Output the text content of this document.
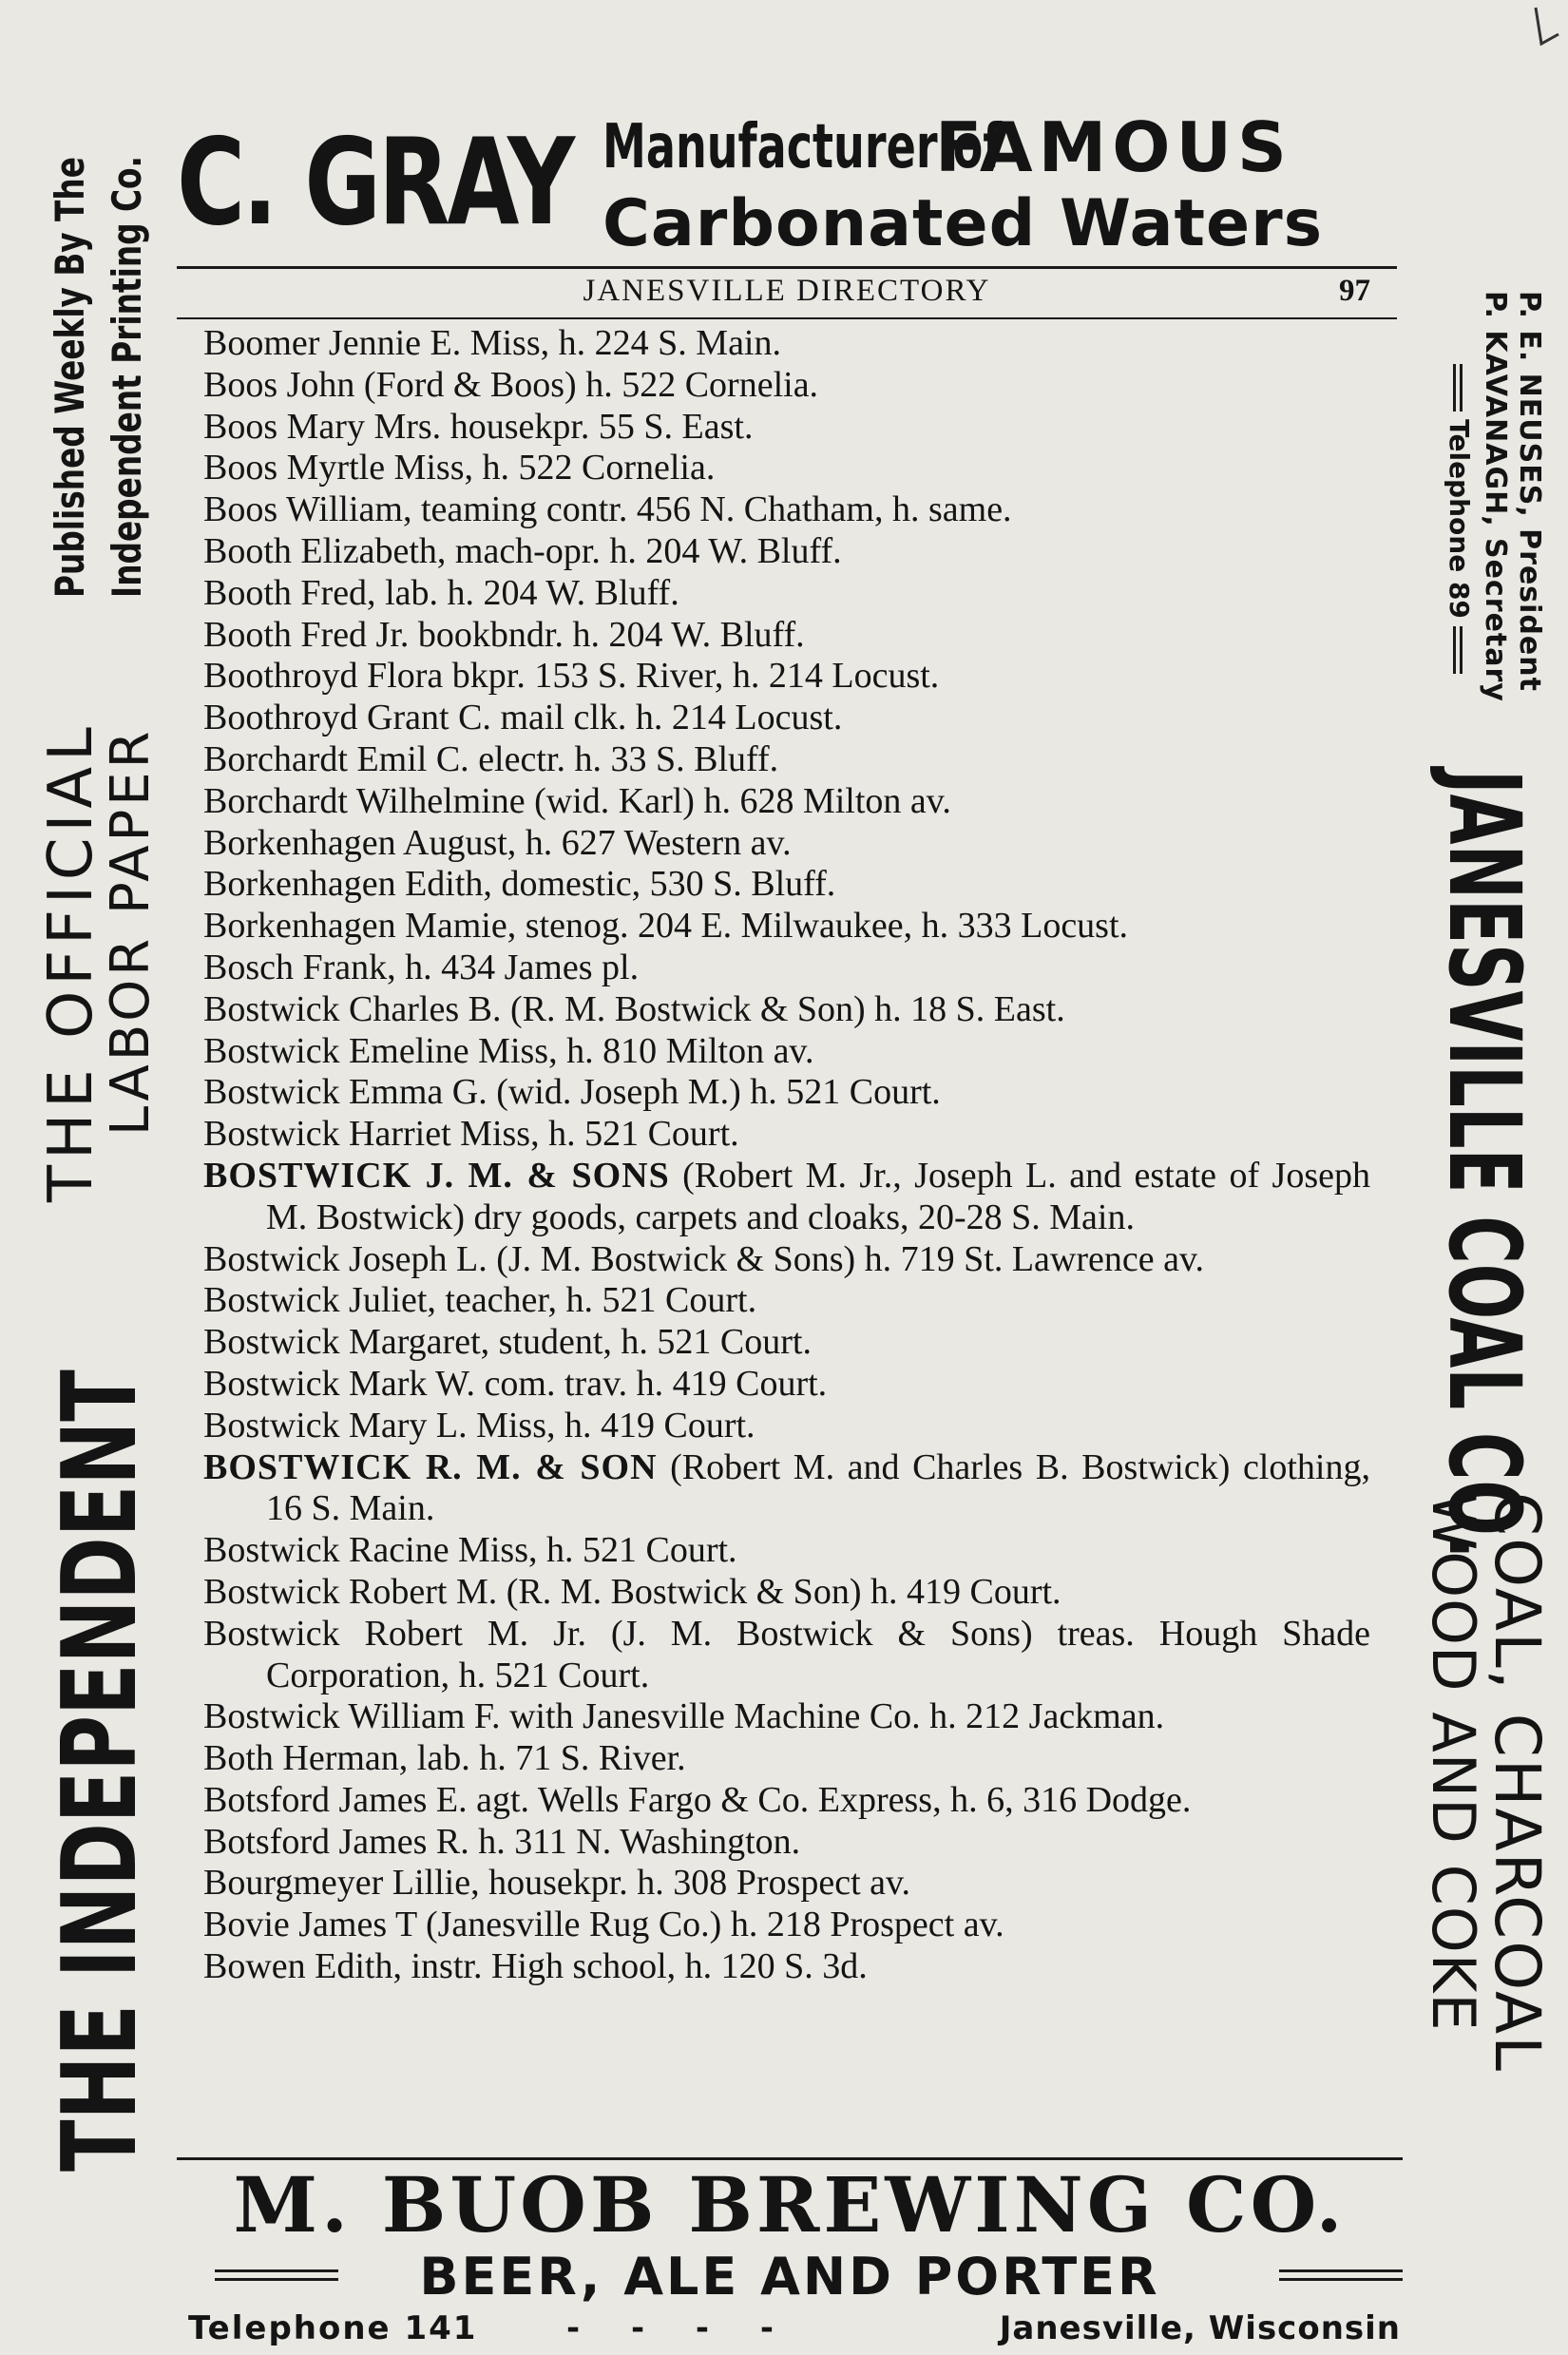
C. GRAY Manufacturer ofFAMOUS
Carbonated Waters
JANESVILLE DIRECTORY	97
THE INDEPENDENT
THE OFFICIAL
LABOR PAPER
Published Weekly By The Independent Printing Co.	P. E. NEUSES, President
P. KAVANAGH, Secretary
Telephone 89
JANESVILLE COAL CO.
COAL, CHARCOAL
WOOD AND COKE
Boomer Jennie E. Miss, h. 224 S. Main.
Boos John (Ford & Boos) h. 522 Cornelia.
Boos Mary Mrs. housekpr. 55 S. East.
Boos Myrtle Miss, h. 522 Cornelia.
Boos William, teaming contr. 456 N. Chatham, h. same.
Booth Elizabeth, mach-opr. h. 204 W. Bluff.
Booth Fred, lab. h. 204 W. Bluff.
Booth Fred Jr. bookbndr. h. 204 W. Bluff.
Boothroyd Flora bkpr. 153 S. River, h. 214 Locust.
Boothroyd Grant C. mail clk. h. 214 Locust.
Borchardt Emil C. electr. h. 33 S. Bluff.
Borchardt Wilhelmine (wid. Karl) h. 628 Milton av.
Borkenhagen August, h. 627 Western av.
Borkenhagen Edith, domestic, 530 S. Bluff.
Borkenhagen Mamie, stenog. 204 E. Milwaukee, h. 333 Locust.
Bosch Frank, h. 434 James pl.
Bostwick Charles B. (R. M. Bostwick & Son) h. 18 S. East.
Bostwick Emeline Miss, h. 810 Milton av.
Bostwick Emma G. (wid. Joseph M.) h. 521 Court.
Bostwick Harriet Miss, h. 521 Court.
BOSTWICK J. M. & SONS (Robert M. Jr., Joseph L. and estate of Joseph M. Bostwick) dry goods, carpets and cloaks, 20-28 S. Main.
Bostwick Joseph L. (J. M. Bostwick & Sons) h. 719 St. Lawrence av.
Bostwick Juliet, teacher, h. 521 Court.
Bostwick Margaret, student, h. 521 Court.
Bostwick Mark W. com. trav. h. 419 Court.
Bostwick Mary L. Miss, h. 419 Court.
BOSTWICK R. M. & SON (Robert M. and Charles B. Bostwick) clothing, 16 S. Main.
Bostwick Racine Miss, h. 521 Court.
Bostwick Robert M. (R. M. Bostwick & Son) h. 419 Court.
Bostwick Robert M. Jr. (J. M. Bostwick & Sons) treas. Hough Shade Corporation, h. 521 Court.
Bostwick William F. with Janesville Machine Co. h. 212 Jackman.
Both Herman, lab. h. 71 S. River.
Botsford James E. agt. Wells Fargo & Co. Express, h. 6, 316 Dodge.
Botsford James R. h. 311 N. Washington.
Bourgmeyer Lillie, housekpr. h. 308 Prospect av.
Bovie James T (Janesville Rug Co.) h. 218 Prospect av.
Bowen Edith, instr. High school, h. 120 S. 3d.
M. BUOB BREWING CO.
BEER, ALE AND PORTER
Telephone 141	- - - -	Janesville, Wisconsin
